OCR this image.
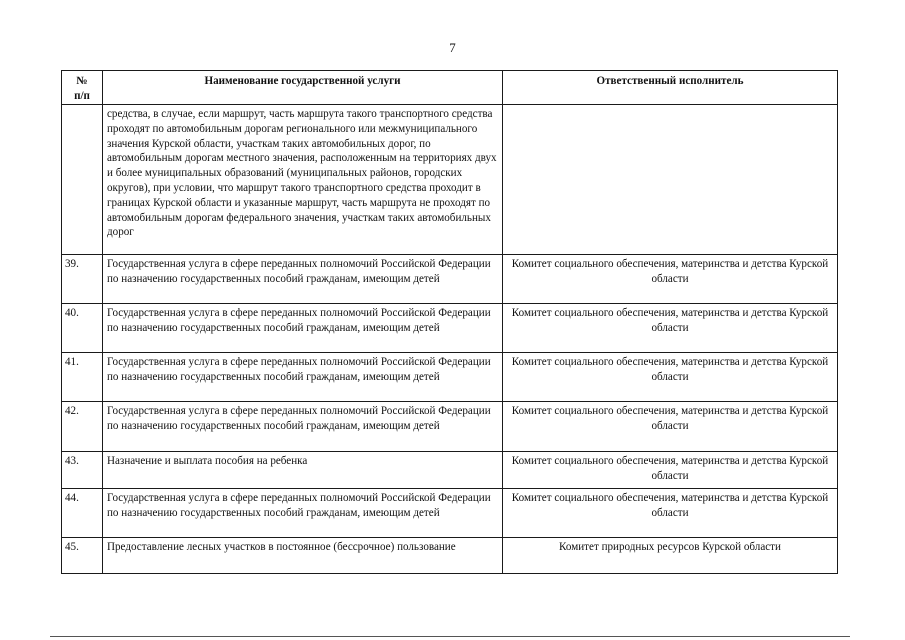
7
№
п/п	Наименование государственной услуги	Ответственный исполнитель
	средства, в случае, если маршрут, часть маршрута такого транспортного средства проходят по автомобильным дорогам регионального или межмуниципального значения Курской области, участкам таких автомобильных дорог, по автомобильным дорогам местного значения, расположенным на территориях двух и более муниципальных образований (муниципальных районов, городских округов), при условии, что маршрут такого транспортного средства проходит в границах Курской области и указанные маршрут, часть маршрута не проходят по автомобильным дорогам федерального значения, участкам таких автомобильных дорог	
39.	Государственная услуга в сфере переданных полномочий Российской Федерации по назначению государственных пособий гражданам, имеющим детей	Комитет социального обеспечения, материнства и детства Курской области
40.	Государственная услуга в сфере переданных полномочий Российской Федерации по назначению государственных пособий гражданам, имеющим детей	Комитет социального обеспечения, материнства и детства Курской области
41.	Государственная услуга в сфере переданных полномочий Российской Федерации по назначению государственных пособий гражданам, имеющим детей	Комитет социального обеспечения, материнства и детства Курской области
42.	Государственная услуга в сфере переданных полномочий Российской Федерации по назначению государственных пособий гражданам, имеющим детей	Комитет социального обеспечения, материнства и детства Курской области
43.	Назначение и выплата пособия на ребенка	Комитет социального обеспечения, материнства и детства Курской области
44.	Государственная услуга в сфере переданных полномочий Российской Федерации по назначению государственных пособий гражданам, имеющим детей	Комитет социального обеспечения, материнства и детства Курской области
45.	Предоставление лесных участков в постоянное (бессрочное) пользование	Комитет природных ресурсов Курской области
